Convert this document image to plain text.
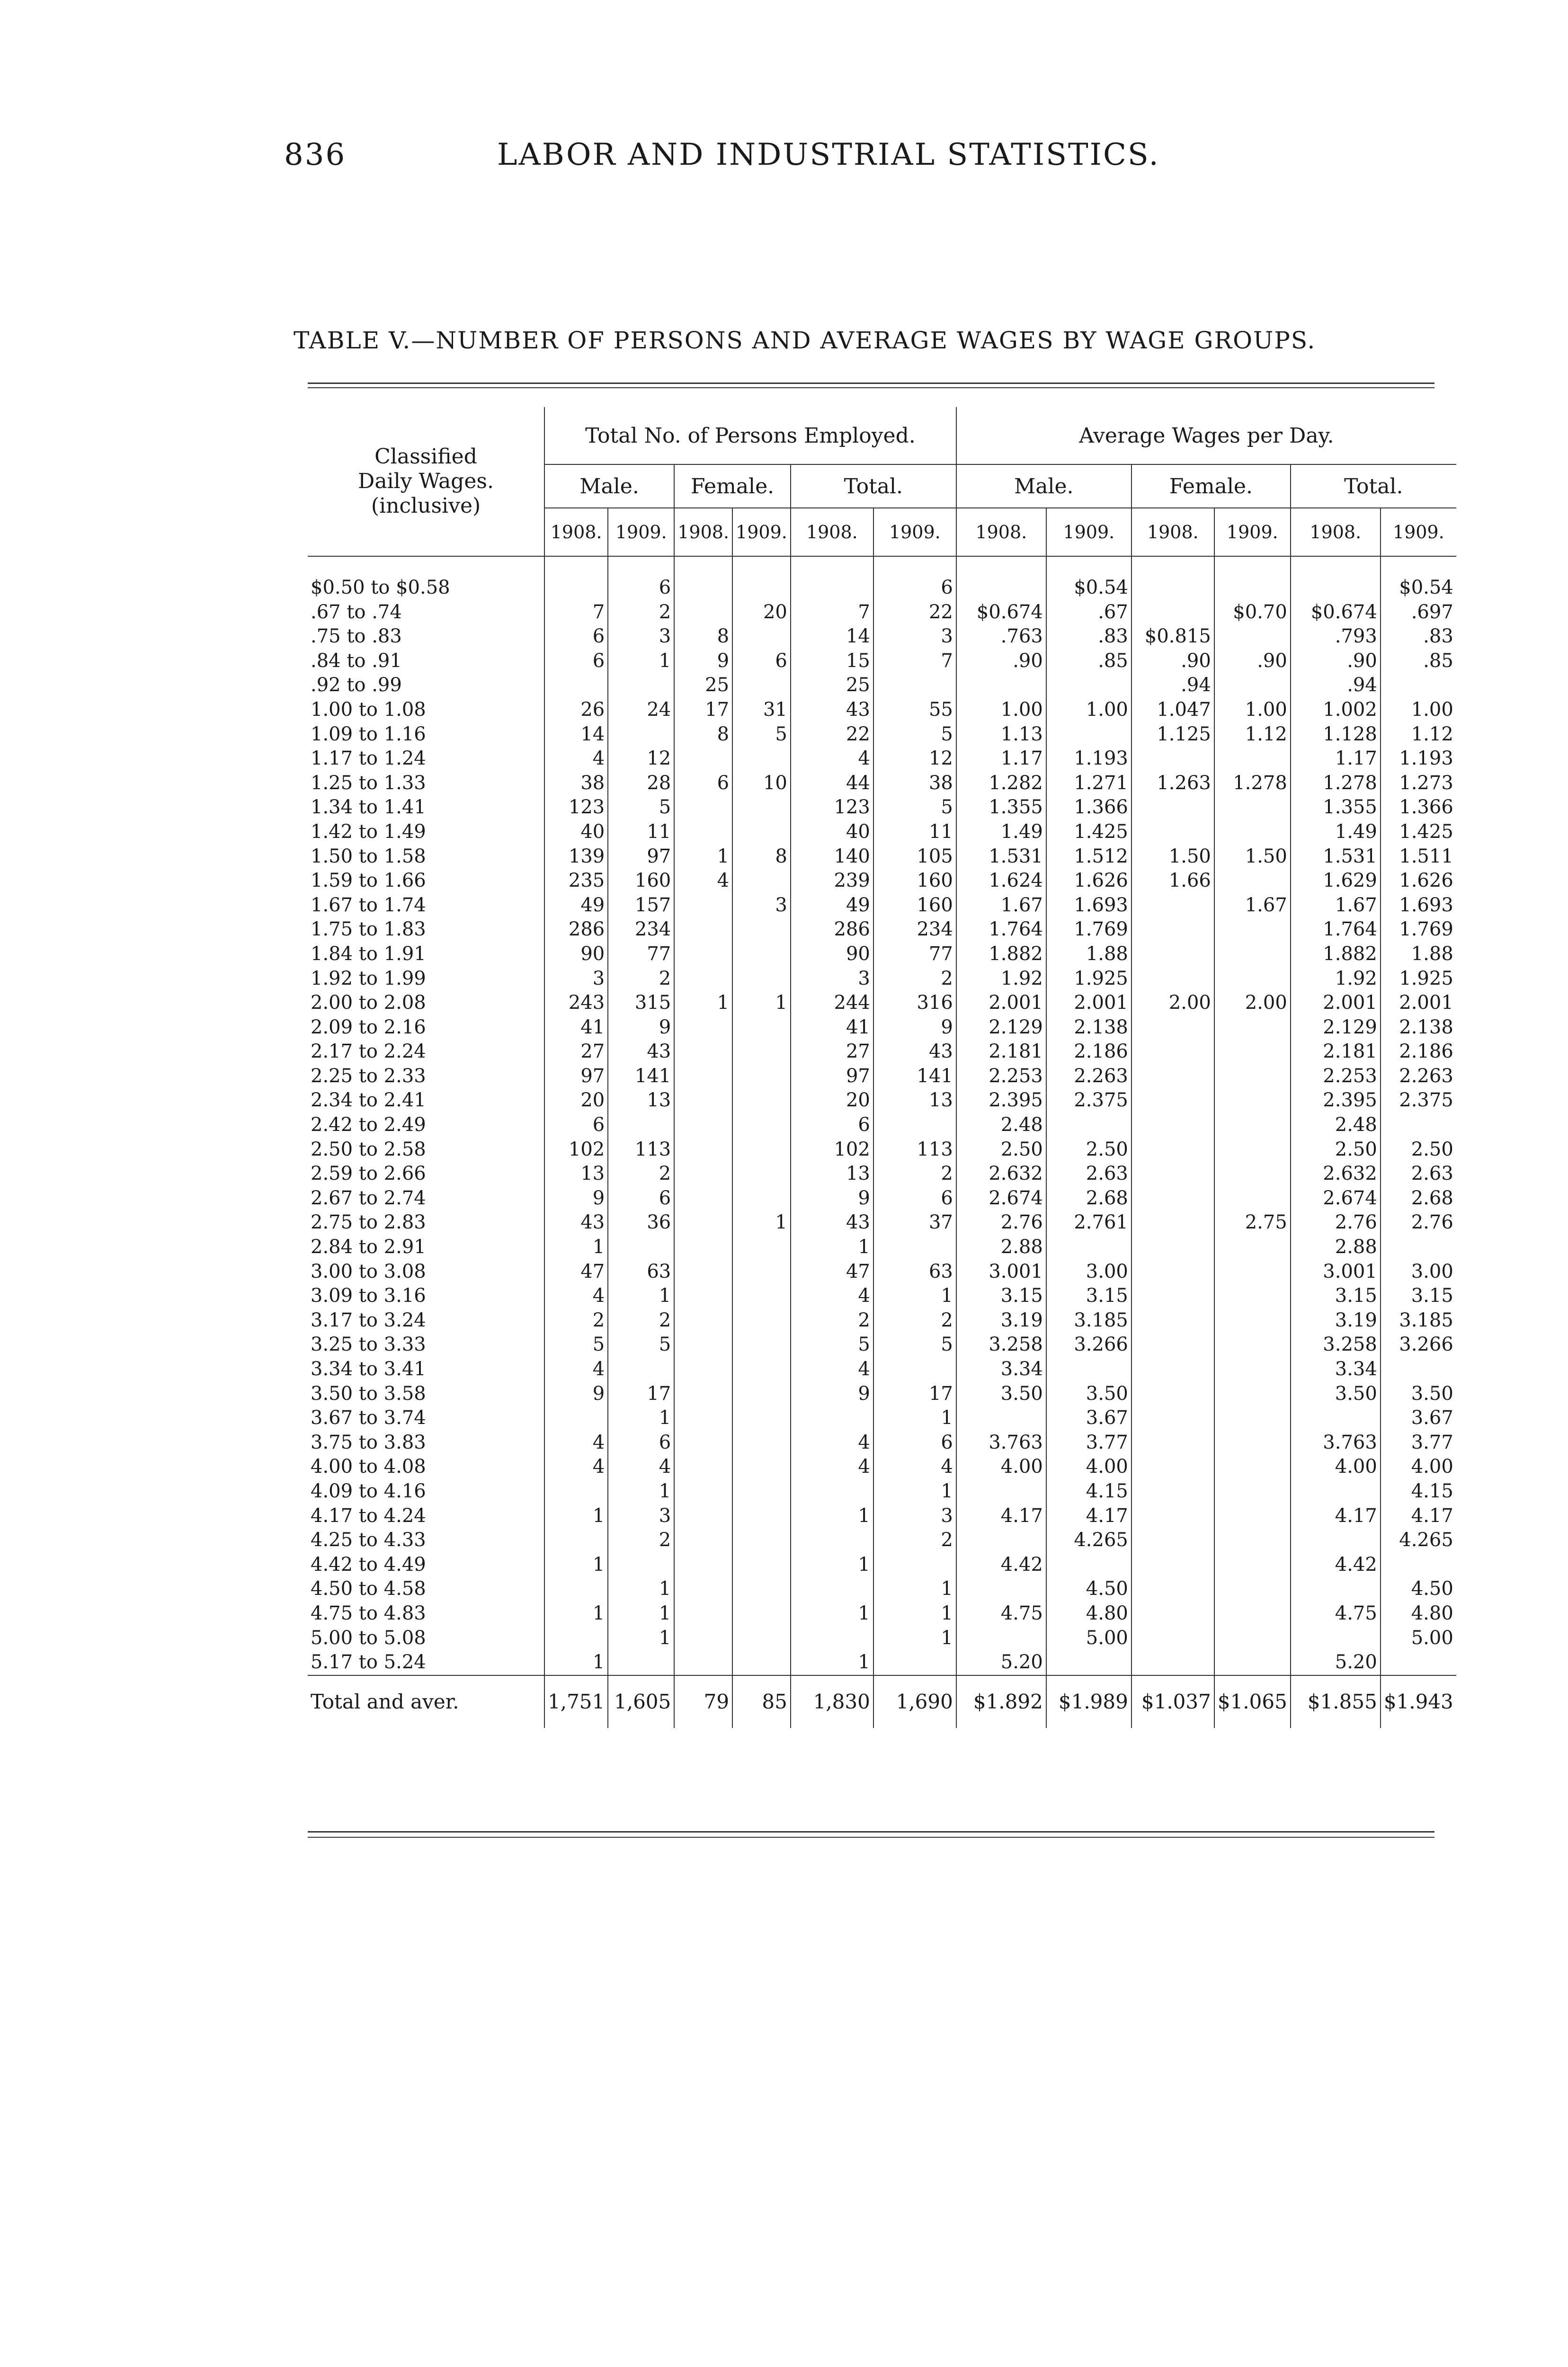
836	LABOR AND INDUSTRIAL STATISTICS.
TABLE V.—NUMBER OF PERSONS AND AVERAGE WAGES BY WAGE GROUPS.
Classified
Daily Wages.
(inclusive)	Total No. of Persons Employed.						Average Wages per Day.					
	Male.		Female.		Total.		Male.		Female.		Total.	
	1908.	1909.	1908.	1909.	1908.	1909.	1908.	1909.	1908.	1909.	1908.	1909.

$0.50 to $0.58		6				6		$0.54				$0.54
.67 to .74	7	2		20	7	22	$0.674	.67		$0.70	$0.674	.697
.75 to .83	6	3	8		14	3	.763	.83	$0.815		.793	.83
.84 to .91	6	1	9	6	15	7	.90	.85	.90	.90	.90	.85
.92 to .99			25		25				.94		.94	
1.00 to 1.08	26	24	17	31	43	55	1.00	1.00	1.047	1.00	1.002	1.00
1.09 to 1.16	14		8	5	22	5	1.13		1.125	1.12	1.128	1.12
1.17 to 1.24	4	12			4	12	1.17	1.193			1.17	1.193
1.25 to 1.33	38	28	6	10	44	38	1.282	1.271	1.263	1.278	1.278	1.273
1.34 to 1.41	123	5			123	5	1.355	1.366			1.355	1.366
1.42 to 1.49	40	11			40	11	1.49	1.425			1.49	1.425
1.50 to 1.58	139	97	1	8	140	105	1.531	1.512	1.50	1.50	1.531	1.511
1.59 to 1.66	235	160	4		239	160	1.624	1.626	1.66		1.629	1.626
1.67 to 1.74	49	157		3	49	160	1.67	1.693		1.67	1.67	1.693
1.75 to 1.83	286	234			286	234	1.764	1.769			1.764	1.769
1.84 to 1.91	90	77			90	77	1.882	1.88			1.882	1.88
1.92 to 1.99	3	2			3	2	1.92	1.925			1.92	1.925
2.00 to 2.08	243	315	1	1	244	316	2.001	2.001	2.00	2.00	2.001	2.001
2.09 to 2.16	41	9			41	9	2.129	2.138			2.129	2.138
2.17 to 2.24	27	43			27	43	2.181	2.186			2.181	2.186
2.25 to 2.33	97	141			97	141	2.253	2.263			2.253	2.263
2.34 to 2.41	20	13			20	13	2.395	2.375			2.395	2.375
2.42 to 2.49	6				6		2.48				2.48	
2.50 to 2.58	102	113			102	113	2.50	2.50			2.50	2.50
2.59 to 2.66	13	2			13	2	2.632	2.63			2.632	2.63
2.67 to 2.74	9	6			9	6	2.674	2.68			2.674	2.68
2.75 to 2.83	43	36		1	43	37	2.76	2.761		2.75	2.76	2.76
2.84 to 2.91	1				1		2.88				2.88	
3.00 to 3.08	47	63			47	63	3.001	3.00			3.001	3.00
3.09 to 3.16	4	1			4	1	3.15	3.15			3.15	3.15
3.17 to 3.24	2	2			2	2	3.19	3.185			3.19	3.185
3.25 to 3.33	5	5			5	5	3.258	3.266			3.258	3.266
3.34 to 3.41	4				4		3.34				3.34	
3.50 to 3.58	9	17			9	17	3.50	3.50			3.50	3.50
3.67 to 3.74		1				1		3.67				3.67
3.75 to 3.83	4	6			4	6	3.763	3.77			3.763	3.77
4.00 to 4.08	4	4			4	4	4.00	4.00			4.00	4.00
4.09 to 4.16		1				1		4.15				4.15
4.17 to 4.24	1	3			1	3	4.17	4.17			4.17	4.17
4.25 to 4.33		2				2		4.265				4.265
4.42 to 4.49	1				1		4.42				4.42	
4.50 to 4.58		1				1		4.50				4.50
4.75 to 4.83	1	1			1	1	4.75	4.80			4.75	4.80
5.00 to 5.08		1				1		5.00				5.00
5.17 to 5.24	1				1		5.20				5.20	
Total and aver.	1,751	1,605	79	85	1,830	1,690	$1.892	$1.989	$1.037	$1.065	$1.855	$1.943
